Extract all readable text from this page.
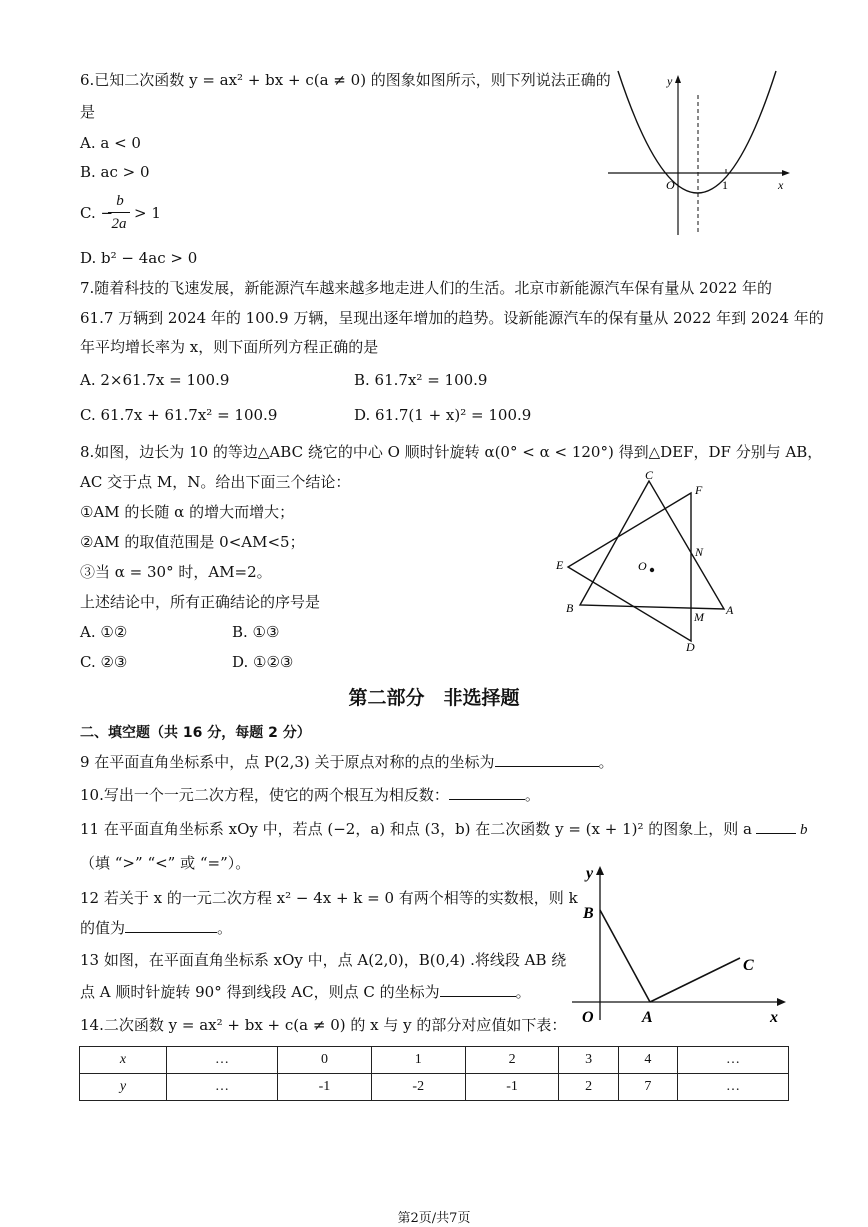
6.已知二次函数 y = ax² + bx + c(a ≠ 0) 的图象如图所示，则下列说法正确的
是
A. a < 0
B. ac > 0
C. −
b
2a
> 1
D. b² − 4ac > 0
y
x
O	1
7.随着科技的飞速发展，新能源汽车越来越多地走进人们的生活。北京市新能源汽车保有量从 2022 年的
61.7 万辆到 2024 年的 100.9 万辆，呈现出逐年增加的趋势。设新能源汽车的保有量从 2022 年到 2024 年的
年平均增长率为 x，则下面所列方程正确的是
A. 2×61.7x = 100.9	B. 61.7x² = 100.9
C. 61.7x + 61.7x² = 100.9	D. 61.7(1 + x)² = 100.9
8.如图，边长为 10 的等边△ABC 绕它的中心 O 顺时针旋转 α(0° < α < 120°) 得到△DEF，DF 分别与 AB，
AC 交于点 M，N。给出下面三个结论：
①AM 的长随 α 的增大而增大；
②AM 的取值范围是 0<AM<5；
③当 α = 30° 时，AM=2。
上述结论中，所有正确结论的序号是
A. ①②	B. ①③
C. ②③	D. ①②③
C
F
E
N
O
B	A
M
D
第二部分　非选择题
二、填空题（共 16 分，每题 2 分）
9 在平面直角坐标系中，点 P(2,3) 关于原点对称的点的坐标为	。
10.写出一个一元二次方程，使它的两个根互为相反数：	。
11 在平面直角坐标系 xOy 中，若点 (−2，a) 和点 (3，b) 在二次函数 y = (x + 1)² 的图象上，则 a	b
（填 “>” “<” 或 “=”）。
12 若关于 x 的一元二次方程 x² − 4x + k = 0 有两个相等的实数根，则 k
的值为	。
13 如图，在平面直角坐标系 xOy 中，点 A(2,0)，B(0,4) .将线段 AB 绕
点 A 顺时针旋转 90° 得到线段 AC，则点 C 的坐标为	。
y
x
B
C
O	A
14.二次函数 y = ax² + bx + c(a ≠ 0) 的 x 与 y 的部分对应值如下表：
x	…	0	1	2	3	4	…
y	…	-1	-2	-1	2	7	…
第2页/共7页
